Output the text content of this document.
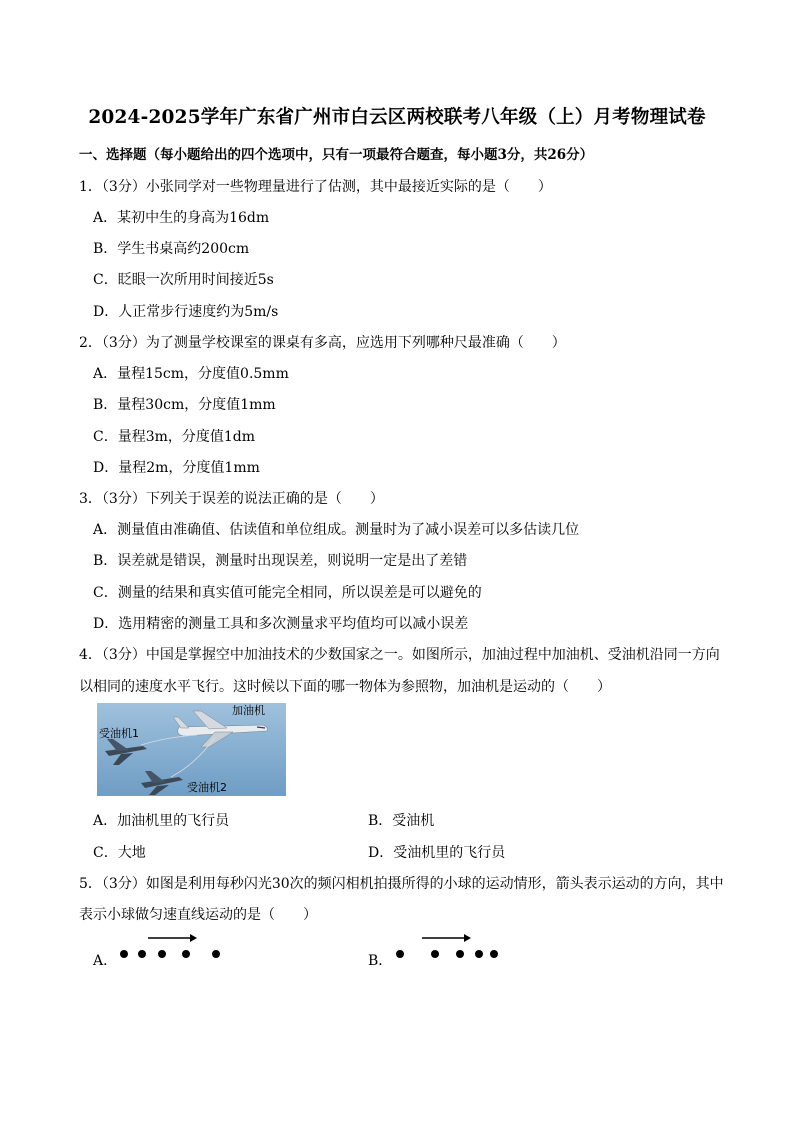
2024-2025学年广东省广州市白云区两校联考八年级（上）月考物理试卷
一、选择题（每小题给出的四个选项中，只有一项最符合题查，每小题3分，共26分）
1．（3分）小张同学对一些物理量进行了估测，其中最接近实际的是（　　）
A．某初中生的身高为16dm
B．学生书桌高约200cm
C．眨眼一次所用时间接近5s
D．人正常步行速度约为5m/s
2．（3分）为了测量学校课室的课桌有多高，应选用下列哪种尺最准确（　　）
A．量程15cm，分度值0.5mm
B．量程30cm，分度值1mm
C．量程3m，分度值1dm
D．量程2m，分度值1mm
3．（3分）下列关于误差的说法正确的是（　　）
A．测量值由准确值、估读值和单位组成。测量时为了减小误差可以多估读几位
B．误差就是错误，测量时出现误差，则说明一定是出了差错
C．测量的结果和真实值可能完全相同，所以误差是可以避免的
D．选用精密的测量工具和多次测量求平均值均可以减小误差
4．（3分）中国是掌握空中加油技术的少数国家之一。如图所示，加油过程中加油机、受油机沿同一方向
以相同的速度水平飞行。这时候以下面的哪一物体为参照物，加油机是运动的（　　）
加油机
受油机1
受油机2
A．加油机里的飞行员	B．受油机
C．大地	D．受油机里的飞行员
5．（3分）如图是利用每秒闪光30次的频闪相机拍摄所得的小球的运动情形，箭头表示运动的方向，其中
表示小球做匀速直线运动的是（　　）
A．	B．
